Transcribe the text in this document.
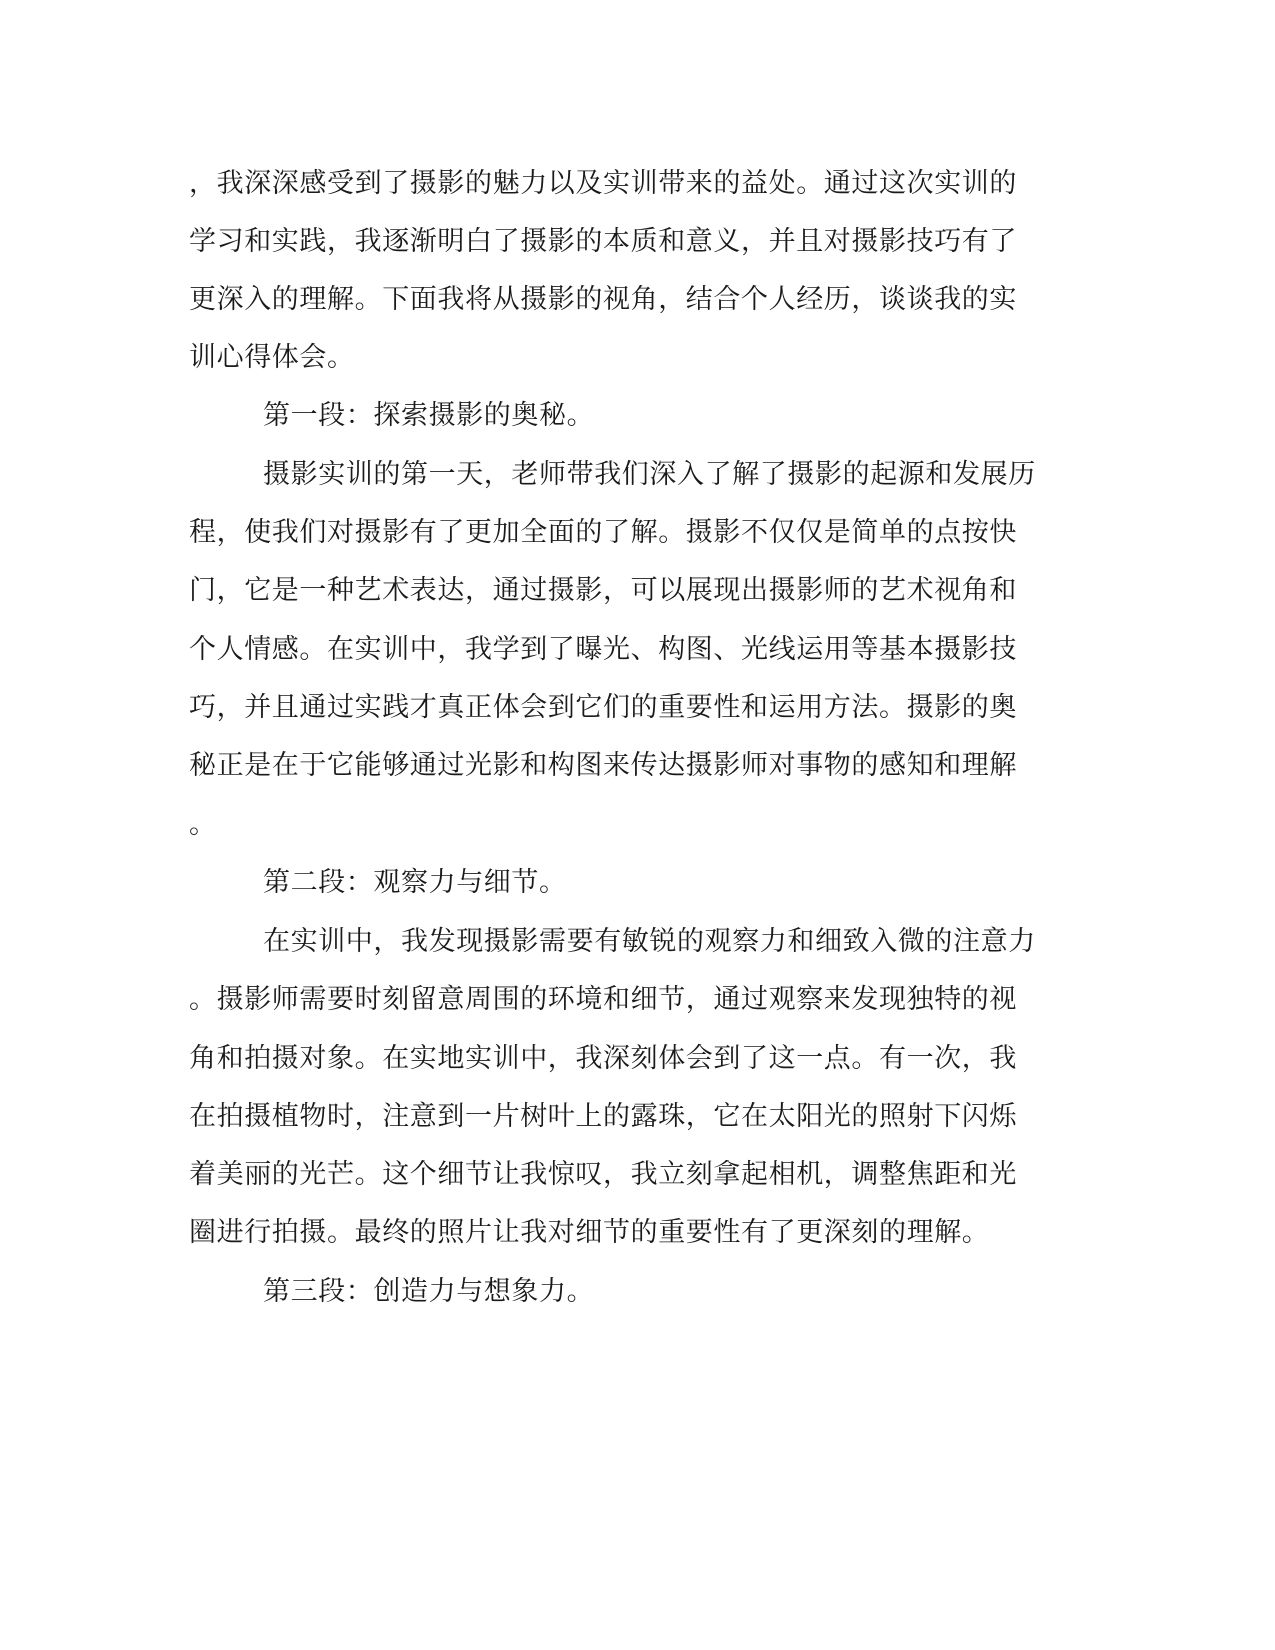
，我深深感受到了摄影的魅力以及实训带来的益处。通过这次实训的
学习和实践，我逐渐明白了摄影的本质和意义，并且对摄影技巧有了
更深入的理解。下面我将从摄影的视角，结合个人经历，谈谈我的实
训心得体会。
第一段：探索摄影的奥秘。
摄影实训的第一天，老师带我们深入了解了摄影的起源和发展历
程，使我们对摄影有了更加全面的了解。摄影不仅仅是简单的点按快
门，它是一种艺术表达，通过摄影，可以展现出摄影师的艺术视角和
个人情感。在实训中，我学到了曝光、构图、光线运用等基本摄影技
巧，并且通过实践才真正体会到它们的重要性和运用方法。摄影的奥
秘正是在于它能够通过光影和构图来传达摄影师对事物的感知和理解
。
第二段：观察力与细节。
在实训中，我发现摄影需要有敏锐的观察力和细致入微的注意力
。摄影师需要时刻留意周围的环境和细节，通过观察来发现独特的视
角和拍摄对象。在实地实训中，我深刻体会到了这一点。有一次，我
在拍摄植物时，注意到一片树叶上的露珠，它在太阳光的照射下闪烁
着美丽的光芒。这个细节让我惊叹，我立刻拿起相机，调整焦距和光
圈进行拍摄。最终的照片让我对细节的重要性有了更深刻的理解。
第三段：创造力与想象力。
